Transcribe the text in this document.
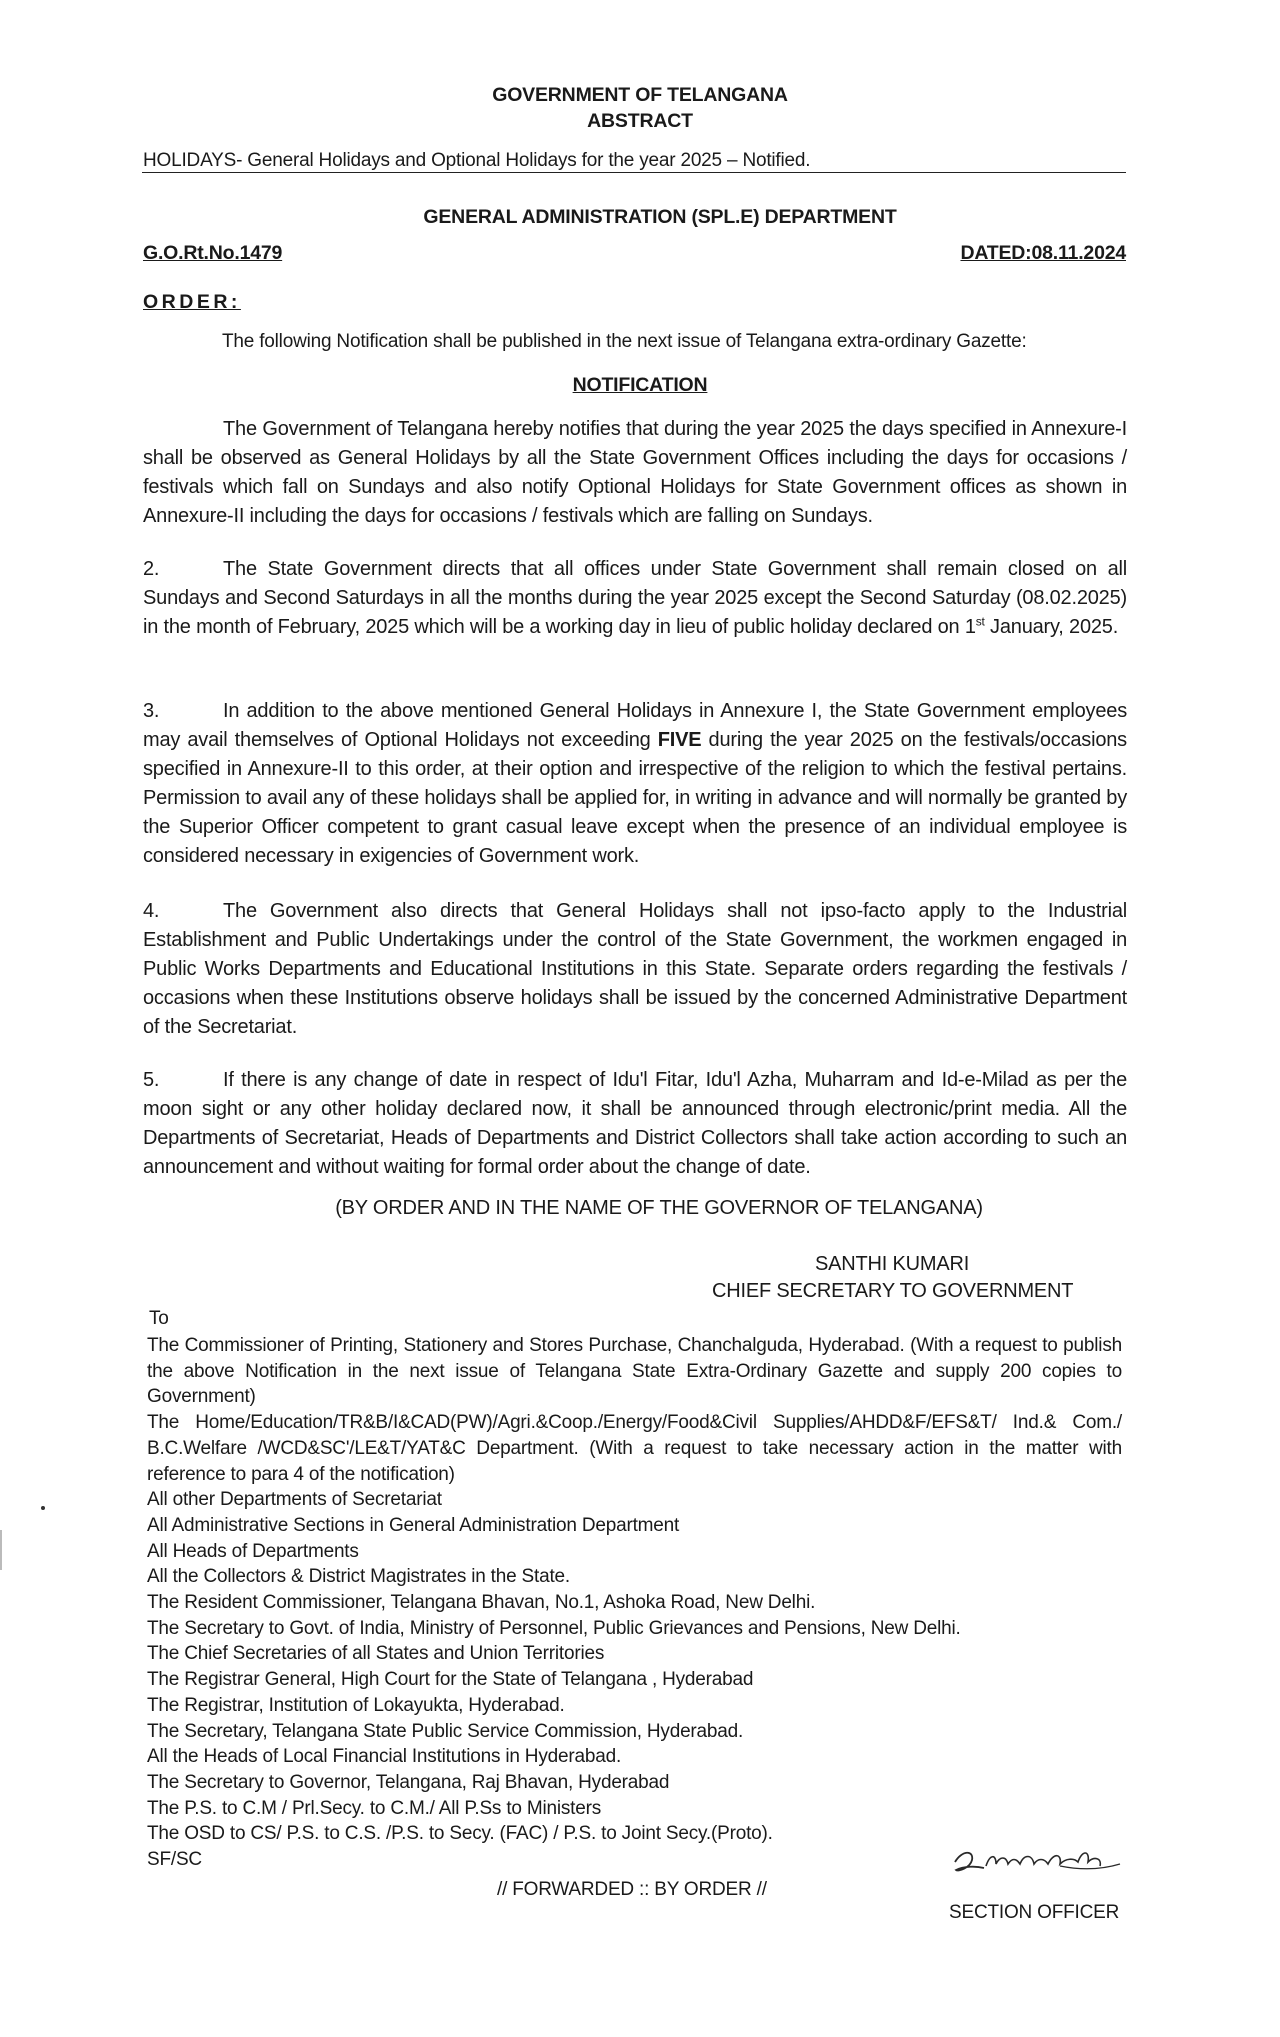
GOVERNMENT OF TELANGANA
ABSTRACT
HOLIDAYS- General Holidays and Optional Holidays for the year 2025 – Notified.
GENERAL ADMINISTRATION (SPL.E) DEPARTMENT
G.O.Rt.No.1479	DATED:08.11.2024
ORDER:
The following Notification shall be published in the next issue of Telangana extra-ordinary Gazette:
NOTIFICATION
The Government of Telangana hereby notifies that during the year 2025 the days specified in Annexure-I shall be observed as General Holidays by all the State Government Offices including the days for occasions / festivals which fall on Sundays and also notify Optional Holidays for State Government offices as shown in Annexure-II including the days for occasions / festivals which are falling on Sundays.
2.	The State Government directs that all offices under State Government shall remain closed on all Sundays and Second Saturdays in all the months during the year 2025 except the Second Saturday (08.02.2025) in the month of February, 2025 which will be a working day in lieu of public holiday declared on 1st January, 2025.
3.	In addition to the above mentioned General Holidays in Annexure I, the State Government employees may avail themselves of Optional Holidays not exceeding FIVE during the year 2025 on the festivals/occasions specified in Annexure-II to this order, at their option and irrespective of the religion to which the festival pertains. Permission to avail any of these holidays shall be applied for, in writing in advance and will normally be granted by the Superior Officer competent to grant casual leave except when the presence of an individual employee is considered necessary in exigencies of Government work.
4.	The Government also directs that General Holidays shall not ipso-facto apply to the Industrial Establishment and Public Undertakings under the control of the State Government, the workmen engaged in Public Works Departments and Educational Institutions in this State. Separate orders regarding the festivals / occasions when these Institutions observe holidays shall be issued by the concerned Administrative Department of the Secretariat.
5.	If there is any change of date in respect of Idu'l Fitar, Idu'l Azha, Muharram and Id-e-Milad as per the moon sight or any other holiday declared now, it shall be announced through electronic/print media. All the Departments of Secretariat, Heads of Departments and District Collectors shall take action according to such an announcement and without waiting for formal order about the change of date.
(BY ORDER AND IN THE NAME OF THE GOVERNOR OF TELANGANA)
SANTHI KUMARI
CHIEF SECRETARY TO GOVERNMENT
To
The Commissioner of Printing, Stationery and Stores Purchase, Chanchalguda, Hyderabad. (With a request to publish the above Notification in the next issue of Telangana State Extra-Ordinary Gazette and supply 200 copies to Government)
The Home/Education/TR&B/I&CAD(PW)/Agri.&Coop./Energy/Food&Civil Supplies/AHDD&F/EFS&T/ Ind.& Com./ B.C.Welfare /WCD&SC'/LE&T/YAT&C Department. (With a request to take necessary action in the matter with reference to para 4 of the notification)
All other Departments of Secretariat
All Administrative Sections in General Administration Department
All Heads of Departments
All the Collectors & District Magistrates in the State.
The Resident Commissioner, Telangana Bhavan, No.1, Ashoka Road, New Delhi.
The Secretary to Govt. of India, Ministry of Personnel, Public Grievances and Pensions, New Delhi.
The Chief Secretaries of all States and Union Territories
The Registrar General, High Court for the State of Telangana , Hyderabad
The Registrar, Institution of Lokayukta, Hyderabad.
The Secretary, Telangana State Public Service Commission, Hyderabad.
All the Heads of Local Financial Institutions in Hyderabad.
The Secretary to Governor, Telangana, Raj Bhavan, Hyderabad
The P.S. to C.M / Prl.Secy. to C.M./ All P.Ss to Ministers
The OSD to CS/ P.S. to C.S. /P.S. to Secy. (FAC) / P.S. to Joint Secy.(Proto).
SF/SC
// FORWARDED :: BY ORDER //
SECTION OFFICER
